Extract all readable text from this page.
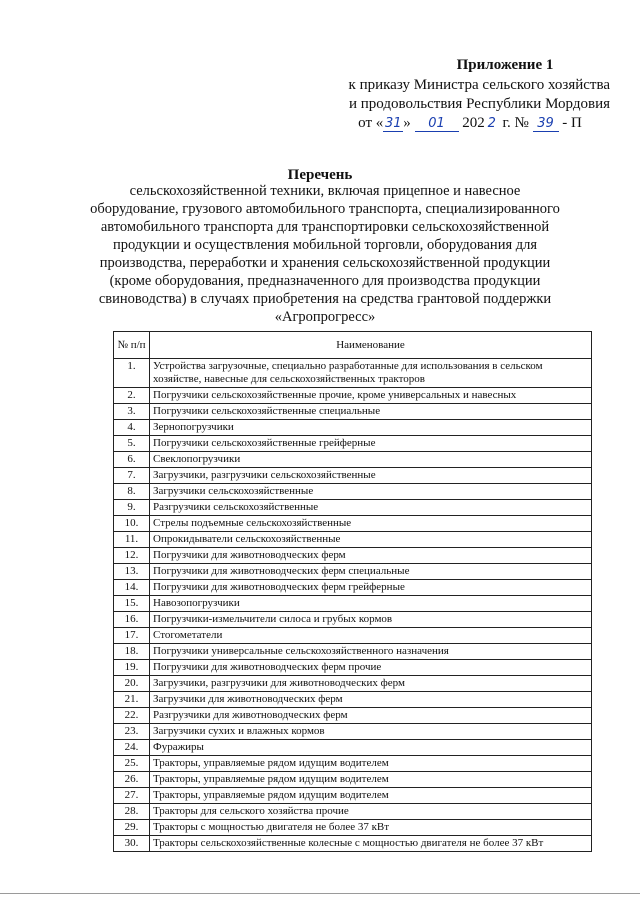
Приложение 1
к приказу Министра сельского хозяйства
и продовольствия Республики Мордовия
от « 31 » 01 202 2 г. № 39 - П
Перечень
сельскохозяйственной техники, включая прицепное и навесное оборудование, грузового автомобильного транспорта, специализированного автомобильного транспорта для транспортировки сельскохозяйственной продукции и осуществления мобильной торговли, оборудования для производства, переработки и хранения сельскохозяйственной продукции (кроме оборудования, предназначенного для производства продукции свиноводства) в случаях приобретения на средства грантовой поддержки «Агропрогресс»
№ п/п	Наименование
1.	Устройства загрузочные, специально разработанные для использования в сельском хозяйстве, навесные для сельскохозяйственных тракторов
2.	Погрузчики сельскохозяйственные прочие, кроме универсальных и навесных
3.	Погрузчики сельскохозяйственные специальные
4.	Зернопогрузчики
5.	Погрузчики сельскохозяйственные грейферные
6.	Свеклопогрузчики
7.	Загрузчики, разгрузчики сельскохозяйственные
8.	Загрузчики сельскохозяйственные
9.	Разгрузчики сельскохозяйственные
10.	Стрелы подъемные сельскохозяйственные
11.	Опрокидыватели сельскохозяйственные
12.	Погрузчики для животноводческих ферм
13.	Погрузчики для животноводческих ферм специальные
14.	Погрузчики для животноводческих ферм грейферные
15.	Навозопогрузчики
16.	Погрузчики-измельчители силоса и грубых кормов
17.	Стогометатели
18.	Погрузчики универсальные сельскохозяйственного назначения
19.	Погрузчики для животноводческих ферм прочие
20.	Загрузчики, разгрузчики для животноводческих ферм
21.	Загрузчики для животноводческих ферм
22.	Разгрузчики для животноводческих ферм
23.	Загрузчики сухих и влажных кормов
24.	Фуражиры
25.	Тракторы, управляемые рядом идущим водителем
26.	Тракторы, управляемые рядом идущим водителем
27.	Тракторы, управляемые рядом идущим водителем
28.	Тракторы для сельского хозяйства прочие
29.	Тракторы с мощностью двигателя не более 37 кВт
30.	Тракторы сельскохозяйственные колесные с мощностью двигателя не более 37 кВт
